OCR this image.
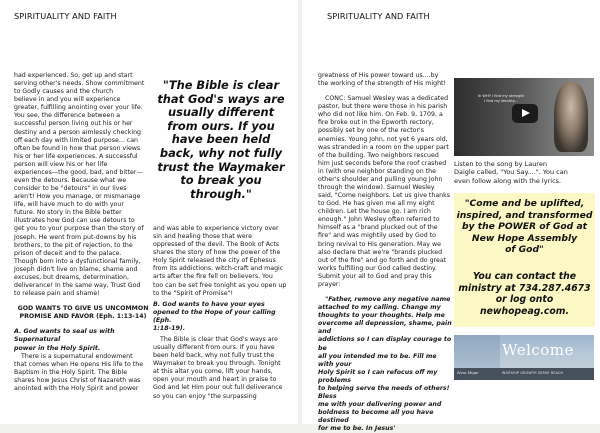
SPIRITUALITY AND FAITH
had experienced. So, get up and start
serving other's needs. Show commitment
to Godly causes and the church
believe in and you will experience
greater, fulfilling anointing over your life.
You see, the difference between a
successful person living out his or her
destiny and a person aimlessly checking
off each day with limited purpose... can
often be found in how that person views
his or her life experiences. A successful
person will view his or her life
experiences—the good, bad, and bitter—
even the detours. Because what we
consider to be "detours" in our lives
aren't! How you manage, or mismanage
life, will have much to do with your
future. No story in the Bible better
illustrates how God can use detours to
get you to your purpose than the story of
Joseph. He went from put-downs by his
brothers, to the pit of rejection, to the
prison of deceit and to the palace.
Though born into a dysfunctional family,
Joseph didn't live on blame, shame and
excuses, but dreams, determination,
deliverance! In the same way, Trust God
to release pain and shame!
GOD WANTS TO GIVE US UNCOMMON
PROMISE AND FAVOR (Eph. 1:13-14)
A. God wants to seal us with Supernatural
power in the Holy Spirit.
There is a supernatural endowment
that comes when He opens His life to the
Baptism in the Holy Spirit. The Bible
shares how Jesus Christ of Nazareth was
anointed with the Holy Spirit and power
"The Bible is clear
that God's ways are
usually different
from ours. If you
have been held
back, why not fully
trust the Waymaker
to break you
through."
and was able to experience victory over
sin and healing those that were
oppressed of the devil. The Book of Acts
shares the story of how the power of the
Holy Spirit released the city of Ephesus
from its addictions, witch-craft and magic
arts after the fire fell on believers. You
too can be set free tonight as you open up
to the "Spirit of Promise"!
B. God wants to have your eyes
opened to the Hope of your calling (Eph.
1:18-19).
The Bible is clear that God's ways are
usually different from ours. If you have
been held back, why not fully trust the
Waymaker to break you through. Tonight
at this altar you come, lift your hands,
open your mouth and heart in praise to
God and let Him pour out full deliverance
so you can enjoy "the surpassing
SPIRITUALITY AND FAITH
greatness of His power toward us....by
the working of the strength of His might!
CONC: Samuel Wesley was a dedicated
pastor, but there were those in his parish
who did not like him. On Feb. 9, 1709, a
fire broke out in the Epworth rectory,
possibly set by one of the rector's
enemies. Young John, not yet 6 years old,
was stranded in a room on the upper part
of the building. Two neighbors rescued
him just seconds before the roof crashed
in (with one neighbor standing on the
other's shoulder and pulling young John
through the window). Samuel Wesley
said, "Come neighbors. Let us give thanks
to God. He has given me all my eight
children. Let the house go. I am rich
enough." John Wesley often referred to
himself as a "brand plucked out of the
fire" and was mightily used by God to
bring revival to His generation. May we
also declare that we're "brands plucked
out of the fire" and go forth and do great
works fulfilling our God called destiny.
Submit your all to God and pray this
prayer:
"Father, remove any negative name
attached to my calling. Change my
thoughts to your thoughts. Help me
overcome all depression, shame, pain and
addictions so I can display courage to be
all you intended me to be. Fill me with your
Holy Spirit so I can refocus off my problems
to helping serve the needs of others! Bless
me with your delivering power and
boldness to become all you have destined
for me to be. In Jesus'
In WHY I find my strength
I find my identity...
Listen to the song by Lauren
Daigle called, "You Say....". You can
even follow along with the lyrics.
"Come and be uplifted,
inspired, and transformed
by the POWER of God at
New Hope Assembly
of God"
You can contact the
ministry at 734.287.4673
or log onto
newhopeag.com.
Welcome
New Hope	WORSHIP GROWTH SERVE REACH
